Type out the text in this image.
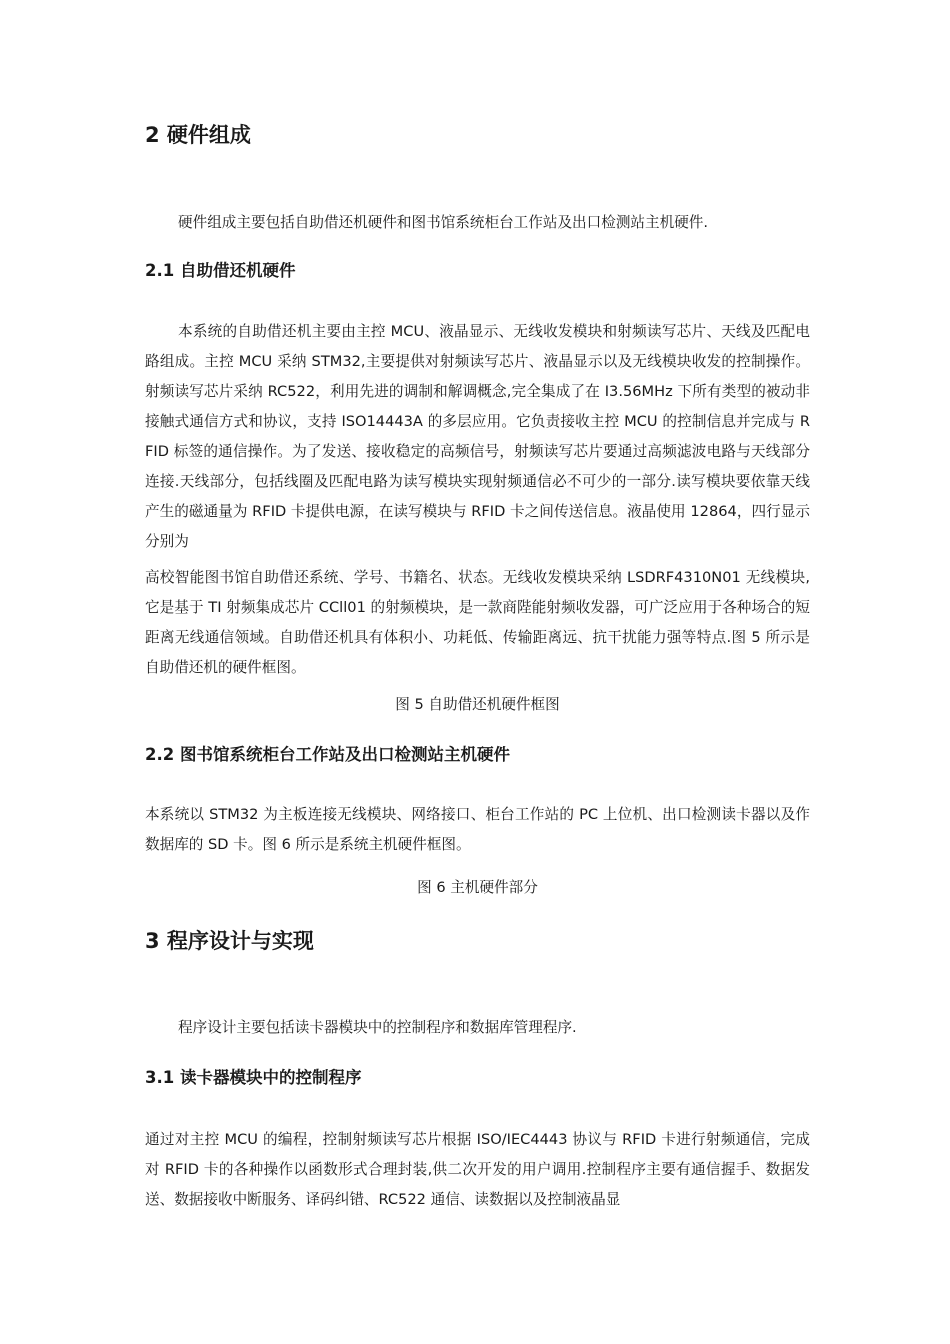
2 硬件组成

硬件组成主要包括自助借还机硬件和图书馆系统柜台工作站及出口检测站主机硬件.

2.1 自助借还机硬件

本系统的自助借还机主要由主控 MCU、液晶显示、无线收发模块和射频读写芯片、天线及匹配电路组成。主控 MCU 采纳 STM32,主要提供对射频读写芯片、液晶显示以及无线模块收发的控制操作。射频读写芯片采纳 RC522，利用先进的调制和解调概念,完全集成了在 I3.56MHz 下所有类型的被动非接触式通信方式和协议，支持 ISO14443A 的多层应用。它负责接收主控 MCU 的控制信息并完成与 RFID 标签的通信操作。为了发送、接收稳定的高频信号，射频读写芯片要通过高频滤波电路与天线部分连接.天线部分，包括线圈及匹配电路为读写模块实现射频通信必不可少的一部分.读写模块要依靠天线产生的磁通量为 RFID 卡提供电源，在读写模块与 RFID 卡之间传送信息。液晶使用 12864，四行显示分别为

高校智能图书馆自助借还系统、学号、书籍名、状态。无线收发模块采纳 LSDRF4310N01 无线模块,它是基于 TI 射频集成芯片 CCll01 的射频模块，是一款商陛能射频收发器，可广泛应用于各种场合的短距离无线通信领域。自助借还机具有体积小、功耗低、传输距离远、抗干扰能力强等特点.图 5 所示是自助借还机的硬件框图。

图 5 自助借还机硬件框图

2.2 图书馆系统柜台工作站及出口检测站主机硬件

本系统以 STM32 为主板连接无线模块、网络接口、柜台工作站的 PC 上位机、出口检测读卡器以及作数据库的 SD 卡。图 6 所示是系统主机硬件框图。

图 6 主机硬件部分

3 程序设计与实现

程序设计主要包括读卡器模块中的控制程序和数据库管理程序.

3.1 读卡器模块中的控制程序

通过对主控 MCU 的编程，控制射频读写芯片根据 ISO/IEC4443 协议与 RFID 卡进行射频通信，完成对 RFID 卡的各种操作以函数形式合理封装,供二次开发的用户调用.控制程序主要有通信握手、数据发送、数据接收中断服务、译码纠错、RC522 通信、读数据以及控制液晶显
